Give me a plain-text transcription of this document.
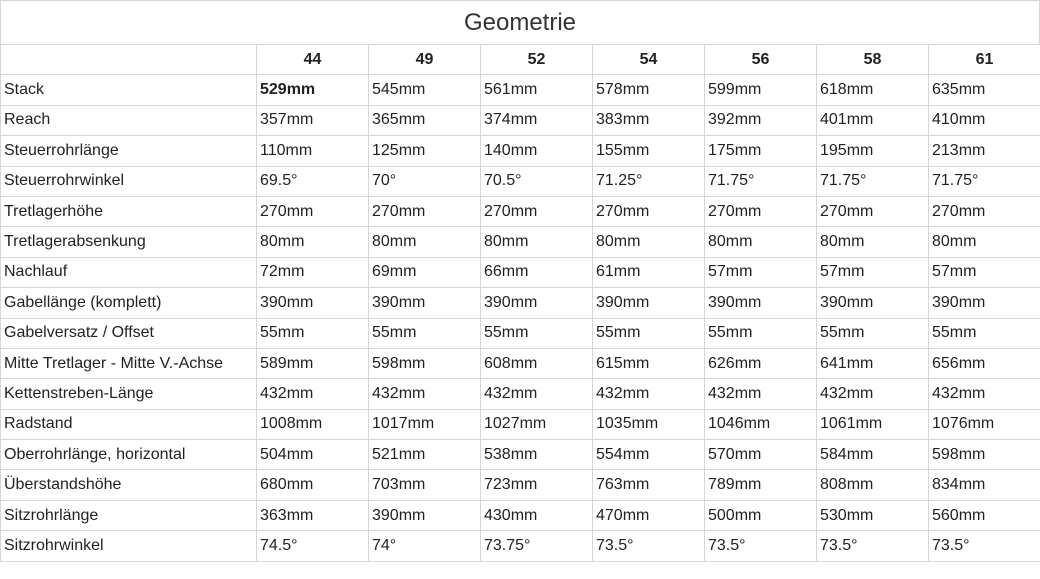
Geometrie
	44	49	52	54	56	58	61
Stack	529mm	545mm	561mm	578mm	599mm	618mm	635mm
Reach	357mm	365mm	374mm	383mm	392mm	401mm	410mm
Steuerrohrlänge	110mm	125mm	140mm	155mm	175mm	195mm	213mm
Steuerrohrwinkel	69.5°	70°	70.5°	71.25°	71.75°	71.75°	71.75°
Tretlagerhöhe	270mm	270mm	270mm	270mm	270mm	270mm	270mm
Tretlagerabsenkung	80mm	80mm	80mm	80mm	80mm	80mm	80mm
Nachlauf	72mm	69mm	66mm	61mm	57mm	57mm	57mm
Gabellänge (komplett)	390mm	390mm	390mm	390mm	390mm	390mm	390mm
Gabelversatz / Offset	55mm	55mm	55mm	55mm	55mm	55mm	55mm
Mitte Tretlager - Mitte V.-Achse	589mm	598mm	608mm	615mm	626mm	641mm	656mm
Kettenstreben-Länge	432mm	432mm	432mm	432mm	432mm	432mm	432mm
Radstand	1008mm	1017mm	1027mm	1035mm	1046mm	1061mm	1076mm
Oberrohrlänge, horizontal	504mm	521mm	538mm	554mm	570mm	584mm	598mm
Überstandshöhe	680mm	703mm	723mm	763mm	789mm	808mm	834mm
Sitzrohrlänge	363mm	390mm	430mm	470mm	500mm	530mm	560mm
Sitzrohrwinkel	74.5°	74°	73.75°	73.5°	73.5°	73.5°	73.5°
